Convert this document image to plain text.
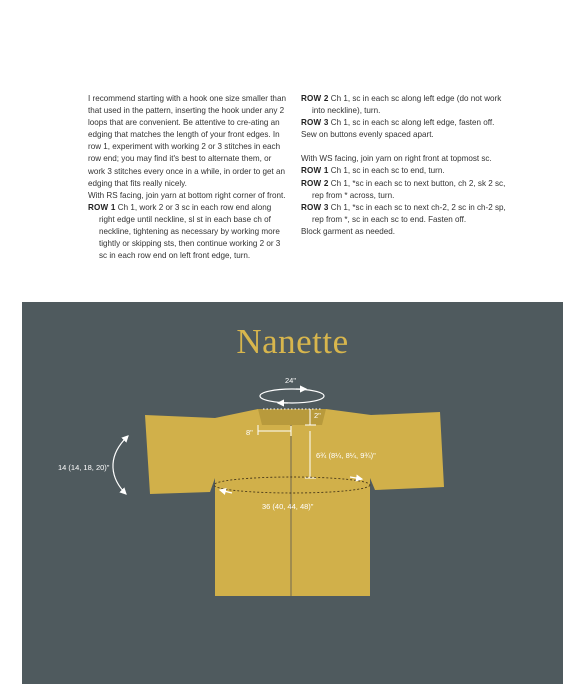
I recommend starting with a hook one size smaller than that used in the pattern, inserting the hook under any 2 loops that are convenient. Be attentive to cre-ating an edging that matches the length of your front edges. In row 1, experiment with working 2 or 3 stitches in each row end; you may find it's best to alternate them, or work 3 stitches every once in a while, in order to get an edging that fits really nicely.

With RS facing, join yarn at bottom right corner of front.

ROW 1 Ch 1, work 2 or 3 sc in each row end along right edge until neckline, sl st in each base ch of neckline, tightening as necessary by working more tightly or skipping sts, then continue working 2 or 3 sc in each row end on left front edge, turn.

ROW 2 Ch 1, sc in each sc along left edge (do not work into neckline), turn.

ROW 3 Ch 1, sc in each sc along left edge, fasten off.

Sew on buttons evenly spaced apart.

With WS facing, join yarn on right front at topmost sc.

ROW 1 Ch 1, sc in each sc to end, turn.

ROW 2 Ch 1, *sc in each sc to next button, ch 2, sk 2 sc, rep from * across, turn.

ROW 3 Ch 1, *sc in each sc to next ch-2, 2 sc in ch-2 sp, rep from *, sc in each sc to end. Fasten off.

Block garment as needed.

Nanette
24"
2"
8"
6¾ (8¼, 8¼, 9¾)"
14 (14, 18, 20)"
36 (40, 44, 48)"
